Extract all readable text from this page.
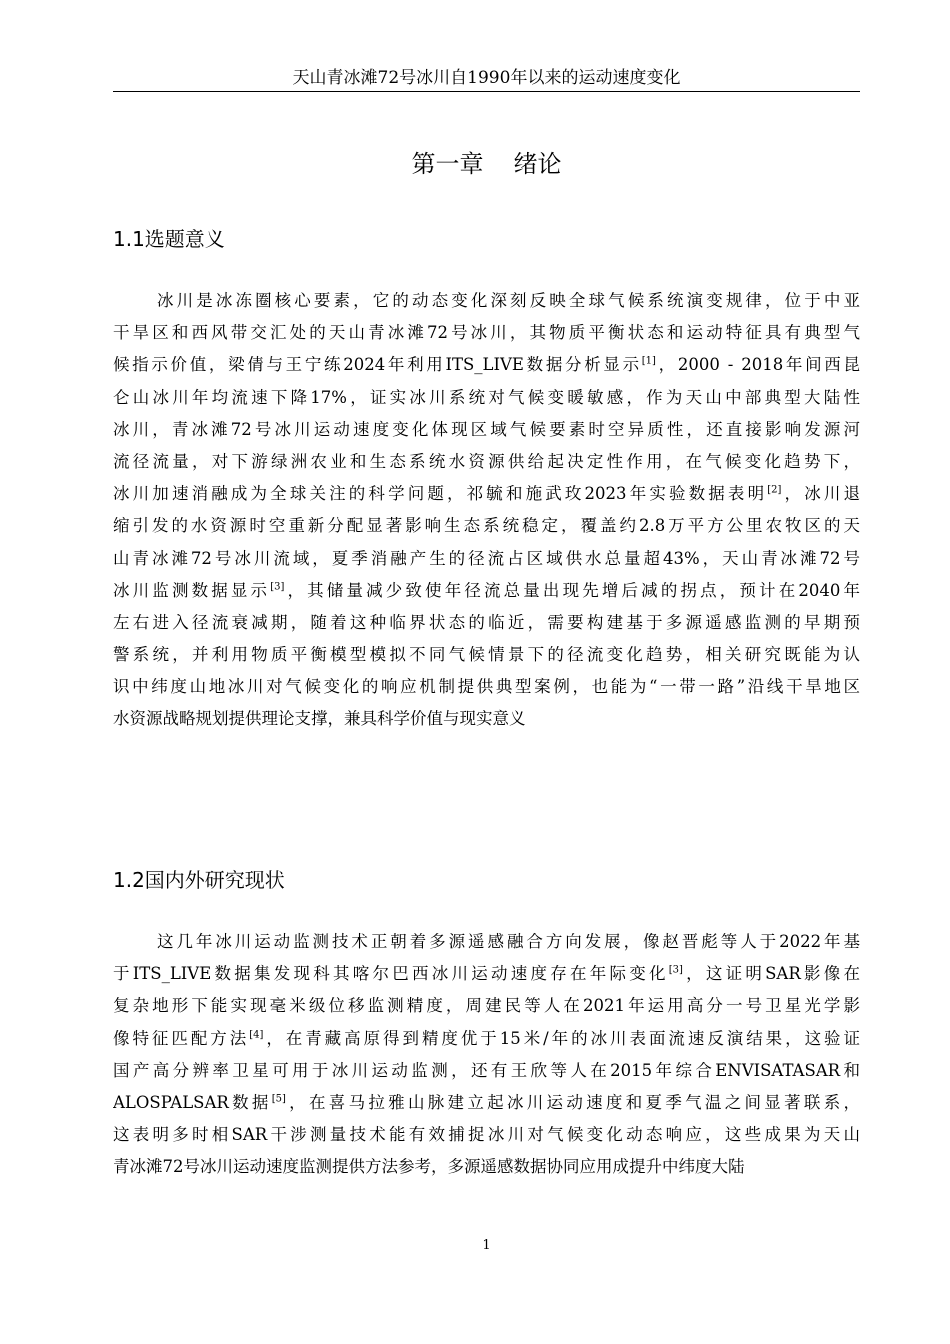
天山青冰滩72号冰川自1990年以来的运动速度变化
第一章 绪论
1.1选题意义
冰川是冰冻圈核心要素，它的动态变化深刻反映全球气候系统演变规律，位于中亚
干旱区和西风带交汇处的天山青冰滩72号冰川，其物质平衡状态和运动特征具有典型气
候指示价值，梁倩与王宁练2024年利用ITS_LIVE数据分析显示[1]，2000 - 2018年间西昆
仑山冰川年均流速下降17%，证实冰川系统对气候变暖敏感，作为天山中部典型大陆性
冰川，青冰滩72号冰川运动速度变化体现区域气候要素时空异质性，还直接影响发源河
流径流量，对下游绿洲农业和生态系统水资源供给起决定性作用，在气候变化趋势下，
冰川加速消融成为全球关注的科学问题，祁毓和施武玫2023年实验数据表明[2]，冰川退
缩引发的水资源时空重新分配显著影响生态系统稳定，覆盖约2.8万平方公里农牧区的天
山青冰滩72号冰川流域，夏季消融产生的径流占区域供水总量超43%，天山青冰滩72号
冰川监测数据显示[3]，其储量减少致使年径流总量出现先增后减的拐点，预计在2040年
左右进入径流衰减期，随着这种临界状态的临近，需要构建基于多源遥感监测的早期预
警系统，并利用物质平衡模型模拟不同气候情景下的径流变化趋势，相关研究既能为认
识中纬度山地冰川对气候变化的响应机制提供典型案例，也能为“一带一路”沿线干旱地区
水资源战略规划提供理论支撑，兼具科学价值与现实意义
1.2国内外研究现状
这几年冰川运动监测技术正朝着多源遥感融合方向发展，像赵晋彪等人于2022年基
于ITS_LIVE数据集发现科其喀尔巴西冰川运动速度存在年际变化[3]，这证明SAR影像在
复杂地形下能实现毫米级位移监测精度，周建民等人在2021年运用高分一号卫星光学影
像特征匹配方法[4]，在青藏高原得到精度优于15米/年的冰川表面流速反演结果，这验证
国产高分辨率卫星可用于冰川运动监测，还有王欣等人在2015年综合ENVISATASAR和
ALOSPALSAR数据[5]，在喜马拉雅山脉建立起冰川运动速度和夏季气温之间显著联系，
这表明多时相SAR干涉测量技术能有效捕捉冰川对气候变化动态响应，这些成果为天山
青冰滩72号冰川运动速度监测提供方法参考，多源遥感数据协同应用成提升中纬度大陆
1
